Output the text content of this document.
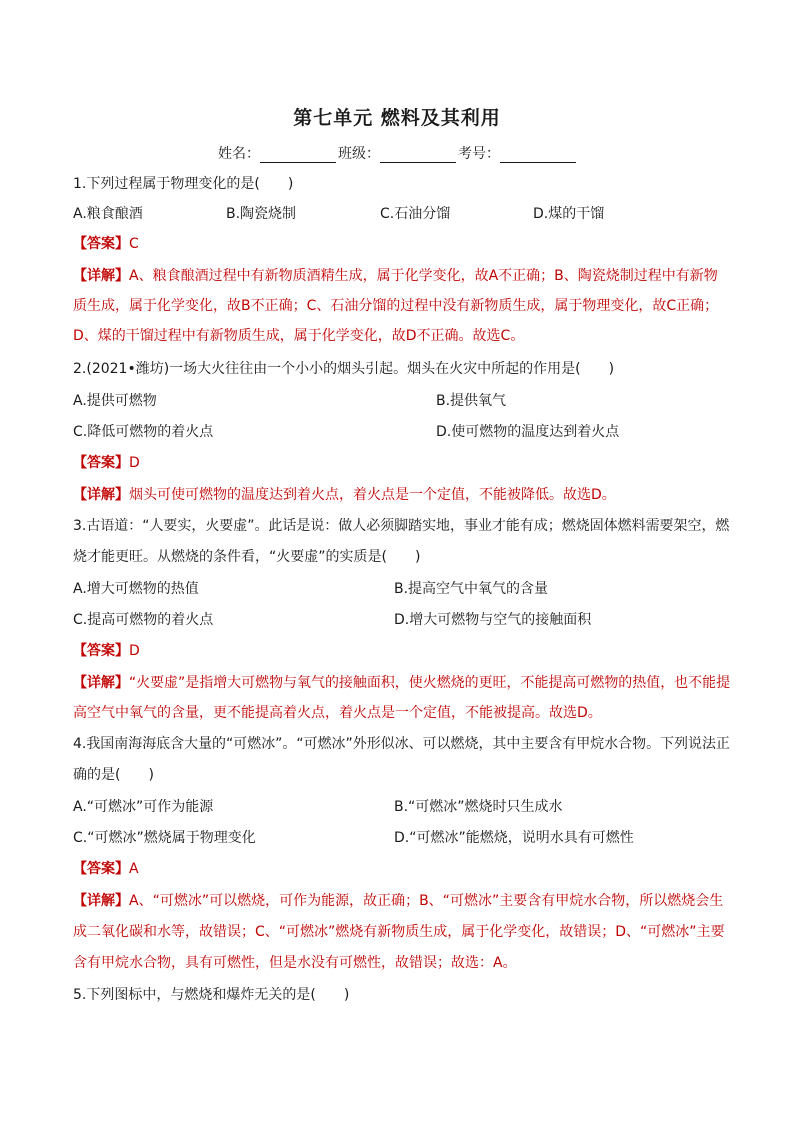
第七单元 燃料及其利用
姓名：	班级：	考号：
1.下列过程属于物理变化的是(　　)
A.粮食酿酒	B.陶瓷烧制	C.石油分馏	D.煤的干馏
【答案】C
【详解】A、粮食酿酒过程中有新物质酒精生成，属于化学变化，故A不正确；B、陶瓷烧制过程中有新物
质生成，属于化学变化，故B不正确；C、石油分馏的过程中没有新物质生成，属于物理变化，故C正确；
D、煤的干馏过程中有新物质生成，属于化学变化，故D不正确。故选C。
2.(2021•潍坊)一场大火往往由一个小小的烟头引起。烟头在火灾中所起的作用是(　　)
A.提供可燃物	B.提供氧气
C.降低可燃物的着火点	D.使可燃物的温度达到着火点
【答案】D
【详解】烟头可使可燃物的温度达到着火点，着火点是一个定值，不能被降低。故选D。
3.古语道：“人要实，火要虚”。此话是说：做人必须脚踏实地，事业才能有成；燃烧固体燃料需要架空，燃
烧才能更旺。从燃烧的条件看，“火要虚”的实质是(　　)
A.增大可燃物的热值	B.提高空气中氧气的含量
C.提高可燃物的着火点	D.增大可燃物与空气的接触面积
【答案】D
【详解】“火要虚”是指增大可燃物与氧气的接触面积，使火燃烧的更旺，不能提高可燃物的热值，也不能提
高空气中氧气的含量，更不能提高着火点，着火点是一个定值，不能被提高。故选D。
4.我国南海海底含大量的“可燃冰”。“可燃冰”外形似冰、可以燃烧，其中主要含有甲烷水合物。下列说法正
确的是(　　)
A.“可燃冰”可作为能源	B.“可燃冰”燃烧时只生成水
C.“可燃冰”燃烧属于物理变化	D.“可燃冰”能燃烧，说明水具有可燃性
【答案】A
【详解】A、“可燃冰”可以燃烧，可作为能源，故正确；B、“可燃冰”主要含有甲烷水合物，所以燃烧会生
成二氧化碳和水等，故错误；C、“可燃冰”燃烧有新物质生成，属于化学变化，故错误；D、“可燃冰”主要
含有甲烷水合物，具有可燃性，但是水没有可燃性，故错误；故选：A。
5.下列图标中，与燃烧和爆炸无关的是(　　)
